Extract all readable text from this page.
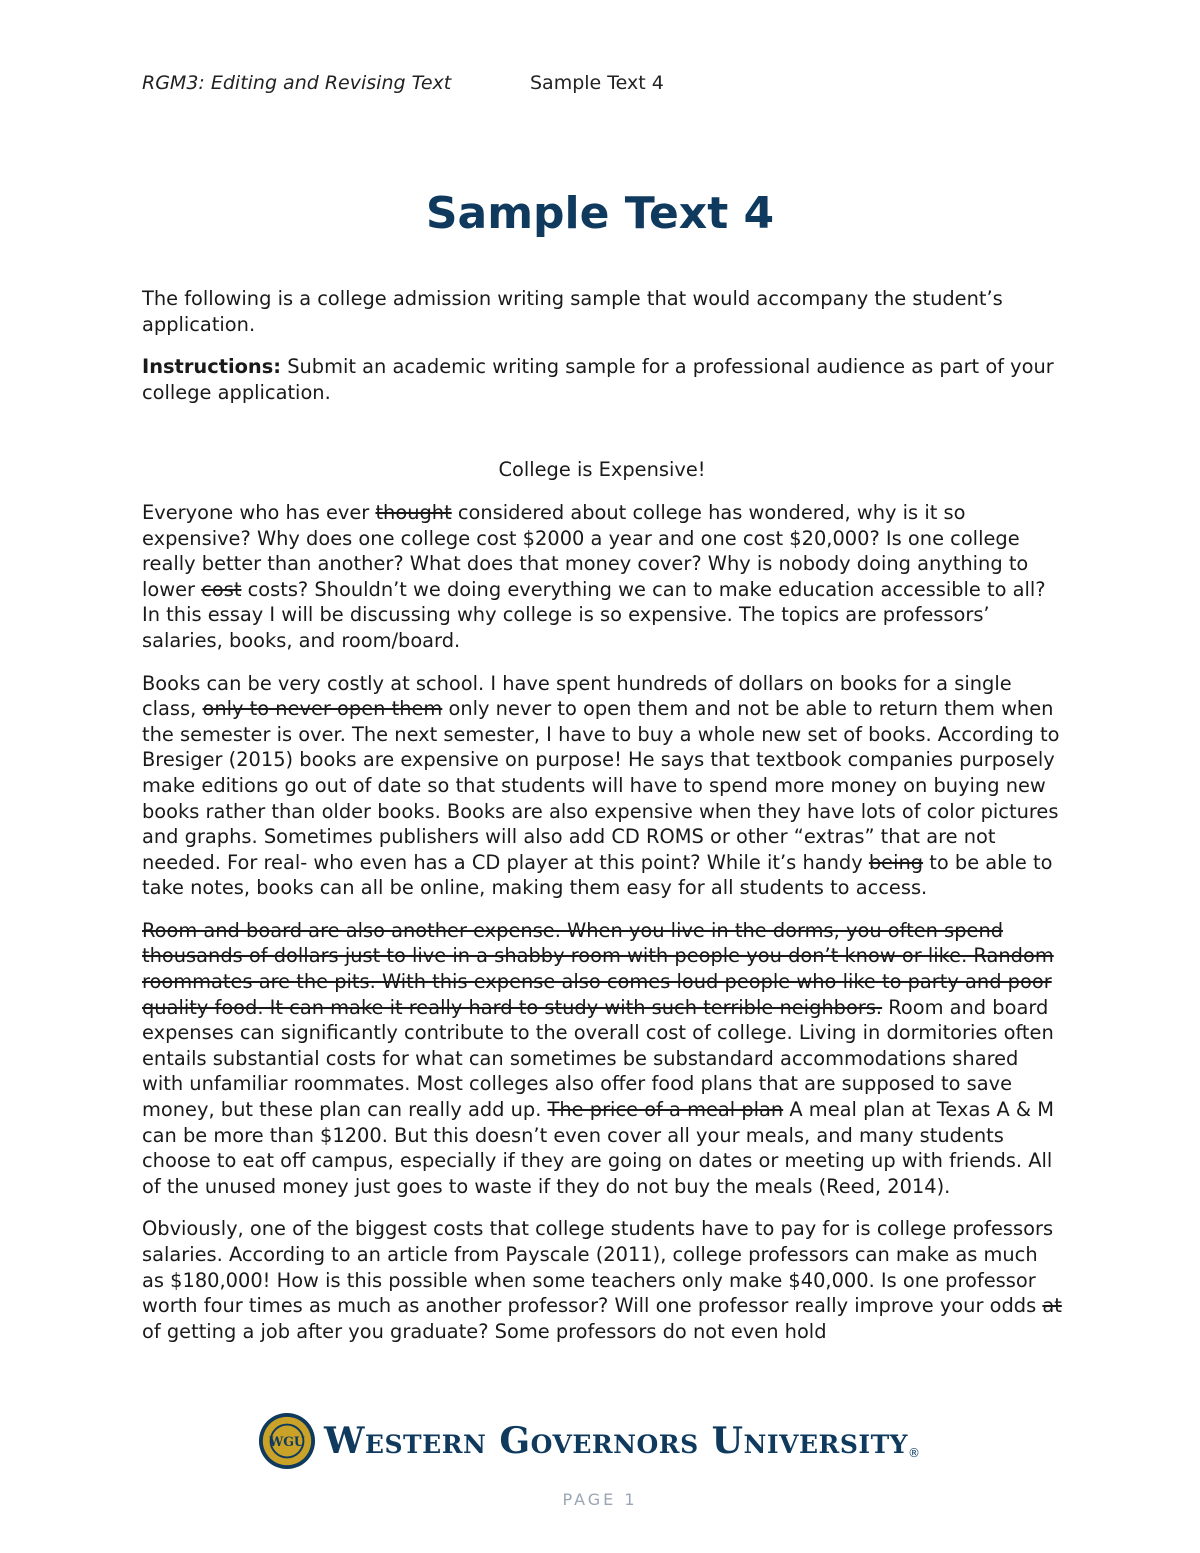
RGM3: Editing and Revising Text	Sample Text 4
Sample Text 4

The following is a college admission writing sample that would accompany the student’s application.

Instructions: Submit an academic writing sample for a professional audience as part of your college application.

College is Expensive!

Everyone who has ever thought considered about college has wondered, why is it so expensive? Why does one college cost $2000 a year and one cost $20,000? Is one college really better than another? What does that money cover? Why is nobody doing anything to lower cost costs? Shouldn’t we doing everything we can to make education accessible to all? In this essay I will be discussing why college is so expensive. The topics are professors’ salaries, books, and room/board.

Books can be very costly at school. I have spent hundreds of dollars on books for a single class, only to never open them only never to open them and not be able to return them when the semester is over. The next semester, I have to buy a whole new set of books. According to Bresiger (2015) books are expensive on purpose! He says that textbook companies purposely make editions go out of date so that students will have to spend more money on buying new books rather than older books. Books are also expensive when they have lots of color pictures and graphs. Sometimes publishers will also add CD ROMS or other “extras” that are not needed. For real- who even has a CD player at this point? While it’s handy being to be able to take notes, books can all be online, making them easy for all students to access.

Room and board are also another expense. When you live in the dorms, you often spend thousands of dollars just to live in a shabby room with people you don’t know or like. Random roommates are the pits. With this expense also comes loud people who like to party and poor quality food. It can make it really hard to study with such terrible neighbors. Room and board expenses can significantly contribute to the overall cost of college. Living in dormitories often entails substantial costs for what can sometimes be substandard accommodations shared with unfamiliar roommates. Most colleges also offer food plans that are supposed to save money, but these plan can really add up. The price of a meal plan A meal plan at Texas A & M can be more than $1200. But this doesn’t even cover all your meals, and many students choose to eat off campus, especially if they are going on dates or meeting up with friends. All of the unused money just goes to waste if they do not buy the meals (Reed, 2014).

Obviously, one of the biggest costs that college students have to pay for is college professors salaries. According to an article from Payscale (2011), college professors can make as much as $180,000! How is this possible when some teachers only make $40,000. Is one professor worth four times as much as another professor? Will one professor really improve your odds at of getting a job after you graduate? Some professors do not even hold

WGU Western Governors University ®
PAGE 1
